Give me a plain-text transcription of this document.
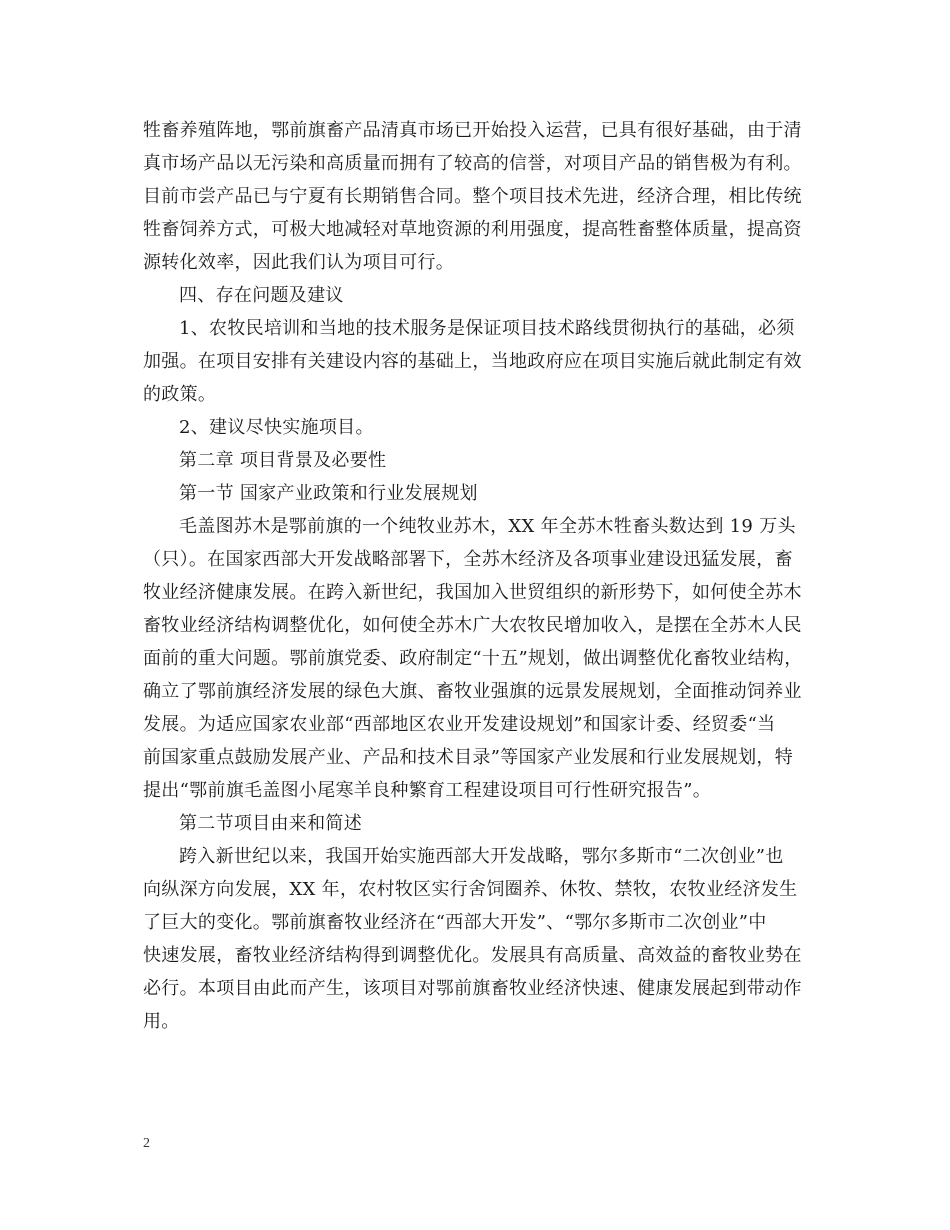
牲畜养殖阵地，鄂前旗畜产品清真市场已开始投入运营，已具有很好基础，由于清
真市场产品以无污染和高质量而拥有了较高的信誉，对项目产品的销售极为有利。
目前市尝产品已与宁夏有长期销售合同。整个项目技术先进，经济合理，相比传统
牲畜饲养方式，可极大地减轻对草地资源的利用强度，提高牲畜整体质量，提高资
源转化效率，因此我们认为项目可行。
四、存在问题及建议
1、农牧民培训和当地的技术服务是保证项目技术路线贯彻执行的基础，必须
加强。在项目安排有关建设内容的基础上，当地政府应在项目实施后就此制定有效
的政策。
2、建议尽快实施项目。
第二章 项目背景及必要性
第一节 国家产业政策和行业发展规划
毛盖图苏木是鄂前旗的一个纯牧业苏木，XX 年全苏木牲畜头数达到 19 万头
（只）。在国家西部大开发战略部署下，全苏木经济及各项事业建设迅猛发展，畜
牧业经济健康发展。在跨入新世纪，我国加入世贸组织的新形势下，如何使全苏木
畜牧业经济结构调整优化，如何使全苏木广大农牧民增加收入，是摆在全苏木人民
面前的重大问题。鄂前旗党委、政府制定“十五”规划，做出调整优化畜牧业结构，
确立了鄂前旗经济发展的绿色大旗、畜牧业强旗的远景发展规划，全面推动饲养业
发展。为适应国家农业部“西部地区农业开发建设规划”和国家计委、经贸委“当
前国家重点鼓励发展产业、产品和技术目录”等国家产业发展和行业发展规划，特
提出“鄂前旗毛盖图小尾寒羊良种繁育工程建设项目可行性研究报告”。
第二节项目由来和简述
跨入新世纪以来，我国开始实施西部大开发战略，鄂尔多斯市“二次创业”也
向纵深方向发展，XX 年，农村牧区实行舍饲圈养、休牧、禁牧，农牧业经济发生
了巨大的变化。鄂前旗畜牧业经济在“西部大开发”、“鄂尔多斯市二次创业”中
快速发展，畜牧业经济结构得到调整优化。发展具有高质量、高效益的畜牧业势在
必行。本项目由此而产生，该项目对鄂前旗畜牧业经济快速、健康发展起到带动作
用。
2
